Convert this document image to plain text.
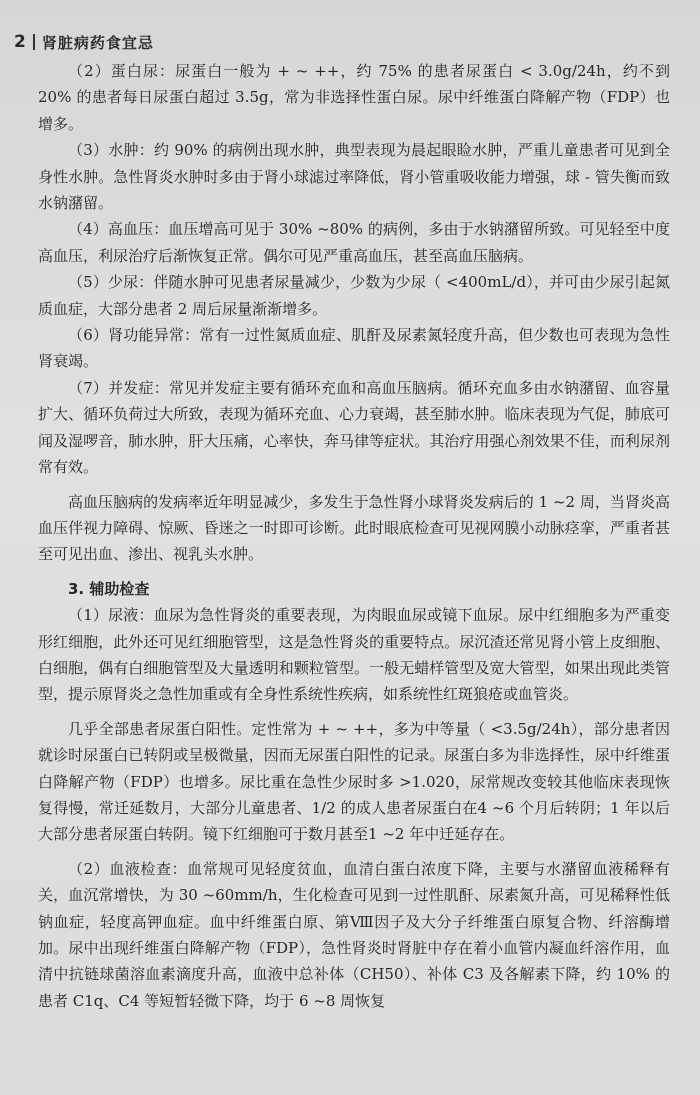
2 肾脏病药食宜忌

（2）蛋白尿：尿蛋白一般为 + ~ ++，约 75% 的患者尿蛋白 < 3.0g/24h，约不到 20% 的患者每日尿蛋白超过 3.5g，常为非选择性蛋白尿。尿中纤维蛋白降解产物（FDP）也增多。

（3）水肿：约 90% 的病例出现水肿，典型表现为晨起眼睑水肿，严重儿童患者可见到全身性水肿。急性肾炎水肿时多由于肾小球滤过率降低，肾小管重吸收能力增强，球 - 管失衡而致水钠潴留。

（4）高血压：血压增高可见于 30% ~80% 的病例，多由于水钠潴留所致。可见轻至中度高血压，利尿治疗后渐恢复正常。偶尔可见严重高血压，甚至高血压脑病。

（5）少尿：伴随水肿可见患者尿量减少，少数为少尿（ <400mL/d），并可由少尿引起氮质血症，大部分患者 2 周后尿量渐渐增多。

（6）肾功能异常：常有一过性氮质血症、肌酐及尿素氮轻度升高，但少数也可表现为急性肾衰竭。

（7）并发症：常见并发症主要有循环充血和高血压脑病。循环充血多由水钠潴留、血容量扩大、循环负荷过大所致，表现为循环充血、心力衰竭，甚至肺水肿。临床表现为气促，肺底可闻及湿啰音，肺水肿，肝大压痛，心率快，奔马律等症状。其治疗用强心剂效果不佳，而利尿剂常有效。

高血压脑病的发病率近年明显减少，多发生于急性肾小球肾炎发病后的 1 ~2 周，当肾炎高血压伴视力障碍、惊厥、昏迷之一时即可诊断。此时眼底检查可见视网膜小动脉痉挛，严重者甚至可见出血、渗出、视乳头水肿。

3. 辅助检查

（1）尿液：血尿为急性肾炎的重要表现，为肉眼血尿或镜下血尿。尿中红细胞多为严重变形红细胞，此外还可见红细胞管型，这是急性肾炎的重要特点。尿沉渣还常见肾小管上皮细胞、白细胞，偶有白细胞管型及大量透明和颗粒管型。一般无蜡样管型及宽大管型，如果出现此类管型，提示原肾炎之急性加重或有全身性系统性疾病，如系统性红斑狼疮或血管炎。

几乎全部患者尿蛋白阳性。定性常为 + ~ ++，多为中等量（ <3.5g/24h），部分患者因就诊时尿蛋白已转阴或呈极微量，因而无尿蛋白阳性的记录。尿蛋白多为非选择性，尿中纤维蛋白降解产物（FDP）也增多。尿比重在急性少尿时多 >1.020，尿常规改变较其他临床表现恢复得慢，常迁延数月，大部分儿童患者、1/2 的成人患者尿蛋白在4 ~6 个月后转阴；1 年以后大部分患者尿蛋白转阴。镜下红细胞可于数月甚至1 ~2 年中迁延存在。

（2）血液检查：血常规可见轻度贫血，血清白蛋白浓度下降，主要与水潴留血液稀释有关，血沉常增快，为 30 ~60mm/h，生化检查可见到一过性肌酐、尿素氮升高，可见稀释性低钠血症，轻度高钾血症。血中纤维蛋白原、第Ⅷ因子及大分子纤维蛋白原复合物、纤溶酶增加。尿中出现纤维蛋白降解产物（FDP），急性肾炎时肾脏中存在着小血管内凝血纤溶作用，血清中抗链球菌溶血素滴度升高，血液中总补体（CH50）、补体 C3 及各解素下降，约 10% 的患者 C1q、C4 等短暂轻微下降，均于 6 ~8 周恢复
